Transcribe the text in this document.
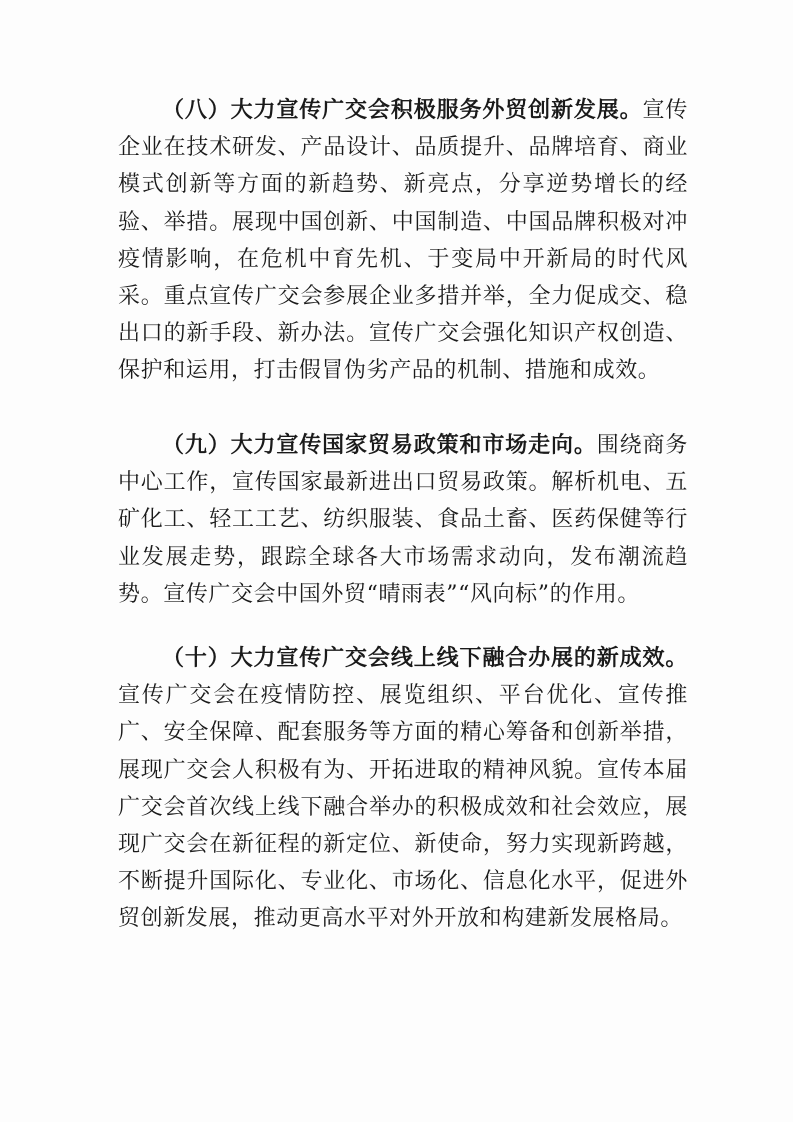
（八）大力宣传广交会积极服务外贸创新发展。宣传企业在技术研发、产品设计、品质提升、品牌培育、商业模式创新等方面的新趋势、新亮点，分享逆势增长的经验、举措。展现中国创新、中国制造、中国品牌积极对冲疫情影响，在危机中育先机、于变局中开新局的时代风采。重点宣传广交会参展企业多措并举，全力促成交、稳出口的新手段、新办法。宣传广交会强化知识产权创造、保护和运用，打击假冒伪劣产品的机制、措施和成效。

（九）大力宣传国家贸易政策和市场走向。围绕商务中心工作，宣传国家最新进出口贸易政策。解析机电、五矿化工、轻工工艺、纺织服装、食品土畜、医药保健等行业发展走势，跟踪全球各大市场需求动向，发布潮流趋势。宣传广交会中国外贸“晴雨表”“风向标”的作用。

（十）大力宣传广交会线上线下融合办展的新成效。宣传广交会在疫情防控、展览组织、平台优化、宣传推广、安全保障、配套服务等方面的精心筹备和创新举措，展现广交会人积极有为、开拓进取的精神风貌。宣传本届广交会首次线上线下融合举办的积极成效和社会效应，展现广交会在新征程的新定位、新使命，努力实现新跨越，不断提升国际化、专业化、市场化、信息化水平，促进外贸创新发展，推动更高水平对外开放和构建新发展格局。
